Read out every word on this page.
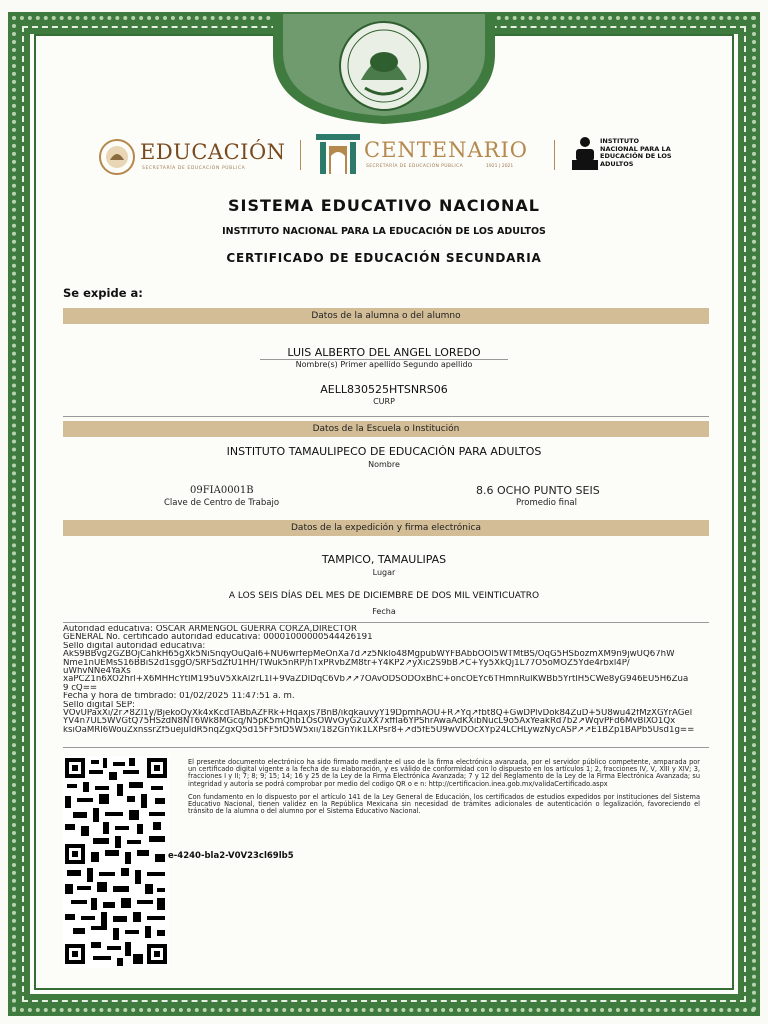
EDUCACIÓN
SECRETARÍA DE EDUCACIÓN PÚBLICA
CENTENARIO
SECRETARÍA DE EDUCACIÓN PÚBLICA	1921 | 2021
INSTITUTO NACIONAL PARA LA EDUCACIÓN DE LOS ADULTOS
SISTEMA EDUCATIVO NACIONAL
INSTITUTO NACIONAL PARA LA EDUCACIÓN DE LOS ADULTOS
CERTIFICADO DE EDUCACIÓN SECUNDARIA
Se expide a:
Datos de la alumna o del alumno
LUIS ALBERTO DEL ANGEL LOREDO
Nombre(s) Primer apellido Segundo apellido
AELL830525HTSNRS06
CURP
Datos de la Escuela o Institución
INSTITUTO TAMAULIPECO DE EDUCACIÓN PARA ADULTOS
Nombre
09FIA0001B
Clave de Centro de Trabajo
8.6 OCHO PUNTO SEIS
Promedio final
Datos de la expedición y firma electrónica
TAMPICO, TAMAULIPAS
Lugar
A LOS SEIS DÍAS DEL MES DE DICIEMBRE DE DOS MIL VEINTICUATRO
Fecha
Autoridad educativa: OSCAR ARMENGOL GUERRA CORZA,DIRECTOR
GENERAL No. certificado autoridad educativa: 00001000000544426191
Sello digital autoridad educativa:
AkS9BBvg2GZBOjCahkH65gXk5NiSnqyOuQal6+NU6wrfepMeOnXa7d↗z5Nklo48MgpubWYFBAbbOOl5WTMtBS/OqG5HSbozmXM9n9jwUQ67hW
Nme1nUEMsS16BBiS2d1sggO/SRFSdZfU1HH/TWuk5nRP/hTxPRvbZM8tr+Y4KP2↗yXic2S9bB↗C+Yy5XkQj1L77O5oMOZ5Yde4rbxl4P/
uWhvNNe4YaXs
xaPCZ1n6XO2hrl+X6MHHcYtIM195uV5XkAl2rL1I+9VaZDlDqC6Vb↗↗7OAvODSODOxBhC+oncOEYc6THmnRulKWBb5YrtlH5CWe8yG946EU5H6Zua
9 cQ==
Fecha y hora de timbrado: 01/02/2025 11:47:51 a. m.
Sello digital SEP:
VOvUPaxXi/2r↗8ZI1y/BjekoOyXk4xKcdTABbAZFRk+Hqaxjs7BnB/ikqkauvyY19DpmhAOU+R↗Yq↗fbt8Q+GwDPlvDok84ZuD+5U8wu42fMzXGYrAGel
YV4n7UL5WVGtQ75HSzdN8NT6Wk8MGcq/N5pK5mQhb1OsOWvOyG2uXX7xffla6YPShrAwaAdKXibNucL9o5AxYeakRd7b2↗WqvPFd6MvBlXO1Qx
ksiOaMRI6WouZxnssrZf5uejuldR5nqZgxQ5d15FF5fD5W5xii/182GnYik1LXPsr8+↗d5fE5U9wVDOcXYp24LCHLywzNycASP↗↗E1BZp1BAPb5Usd1g==
e-4240-bla2-V0V23cl69lb5

El presente documento electrónico ha sido firmado mediante el uso de la firma electrónica avanzada, por el servidor público competente, amparada por un certificado digital vigente a la fecha de su elaboración, y es válido de conformidad con lo dispuesto en los artículos 1; 2, fracciones IV, V, XIII y XIV; 3, fracciones I y II; 7; 8; 9; 15; 14; 16 y 25 de la Ley de la Firma Electrónica Avanzada; 7 y 12 del Reglamento de la Ley de la Firma Electrónica Avanzada; su integridad y autoría se podrá comprobar por medio del codigo QR o e n: http://certificacion.inea.gob.mx/validaCertificado.aspx

Con fundamento en lo dispuesto por el artículo 141 de la Ley General de Educación, los certificados de estudios expedidos por instituciones del Sistema Educativo Nacional, tienen validez en la República Mexicana sin necesidad de trámites adicionales de autenticación o legalización, favoreciendo el tránsito de la alumna o del alumno por el Sistema Educativo Nacional.
